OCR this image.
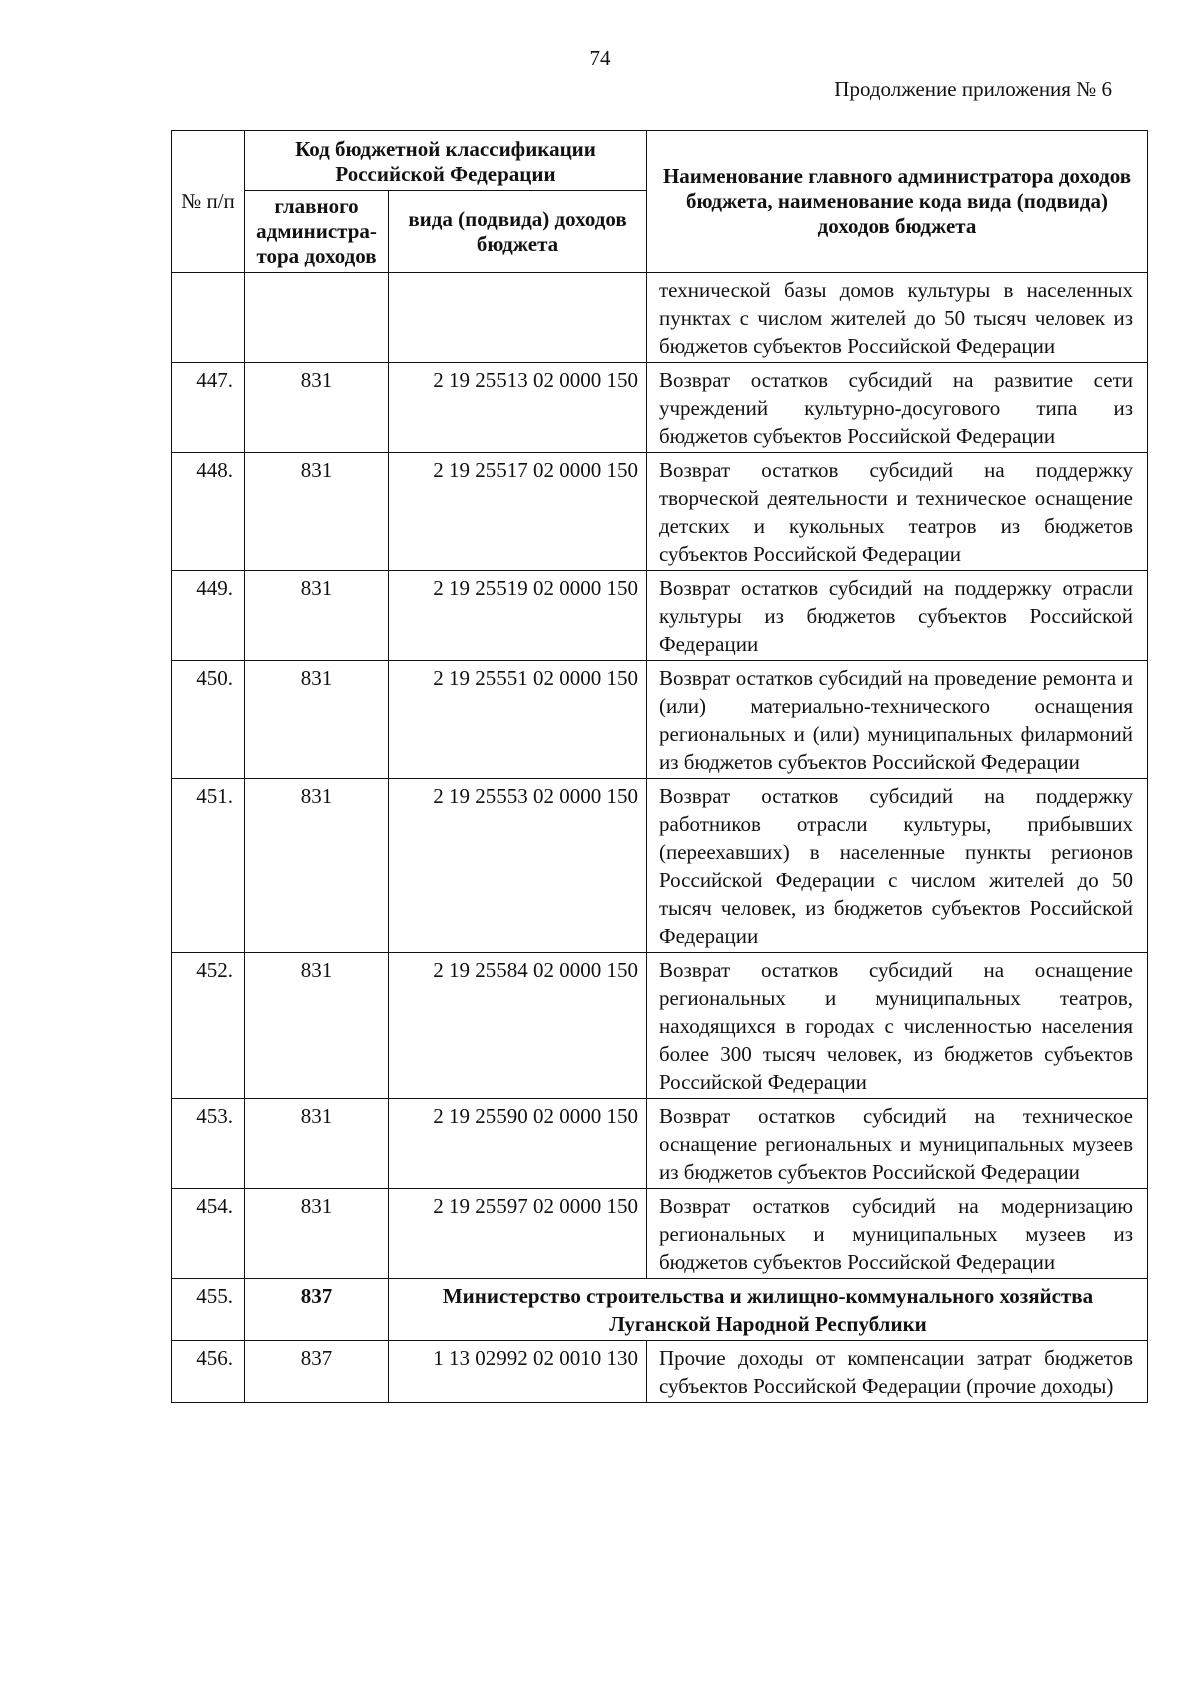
74
Продолжение приложения № 6
№ п/п	Код бюджетной классификации Российской Федерации		Наименование главного администратора доходов бюджета, наименование кода вида (подвида) доходов бюджета
	главного администра-тора доходов	вида (подвида) доходов бюджета	
			технической базы домов культуры в населенных пунктах с числом жителей до 50 тысяч человек из бюджетов субъектов Российской Федерации
447.	831	2 19 25513 02 0000 150	Возврат остатков субсидий на развитие сети учреждений культурно-досугового типа из бюджетов субъектов Российской Федерации
448.	831	2 19 25517 02 0000 150	Возврат остатков субсидий на поддержку творческой деятельности и техническое оснащение детских и кукольных театров из бюджетов субъектов Российской Федерации
449.	831	2 19 25519 02 0000 150	Возврат остатков субсидий на поддержку отрасли культуры из бюджетов субъектов Российской Федерации
450.	831	2 19 25551 02 0000 150	Возврат остатков субсидий на проведение ремонта и (или) материально-технического оснащения региональных и (или) муниципальных филармоний из бюджетов субъектов Российской Федерации
451.	831	2 19 25553 02 0000 150	Возврат остатков субсидий на поддержку работников отрасли культуры, прибывших (переехавших) в населенные пункты регионов Российской Федерации с числом жителей до 50 тысяч человек, из бюджетов субъектов Российской Федерации
452.	831	2 19 25584 02 0000 150	Возврат остатков субсидий на оснащение региональных и муниципальных театров, находящихся в городах с численностью населения более 300 тысяч человек, из бюджетов субъектов Российской Федерации
453.	831	2 19 25590 02 0000 150	Возврат остатков субсидий на техническое оснащение региональных и муниципальных музеев из бюджетов субъектов Российской Федерации
454.	831	2 19 25597 02 0000 150	Возврат остатков субсидий на модернизацию региональных и муниципальных музеев из бюджетов субъектов Российской Федерации
455.	837	Министерство строительства и жилищно-коммунального хозяйства Луганской Народной Республики	
456.	837	1 13 02992 02 0010 130	Прочие доходы от компенсации затрат бюджетов субъектов Российской Федерации (прочие доходы)
